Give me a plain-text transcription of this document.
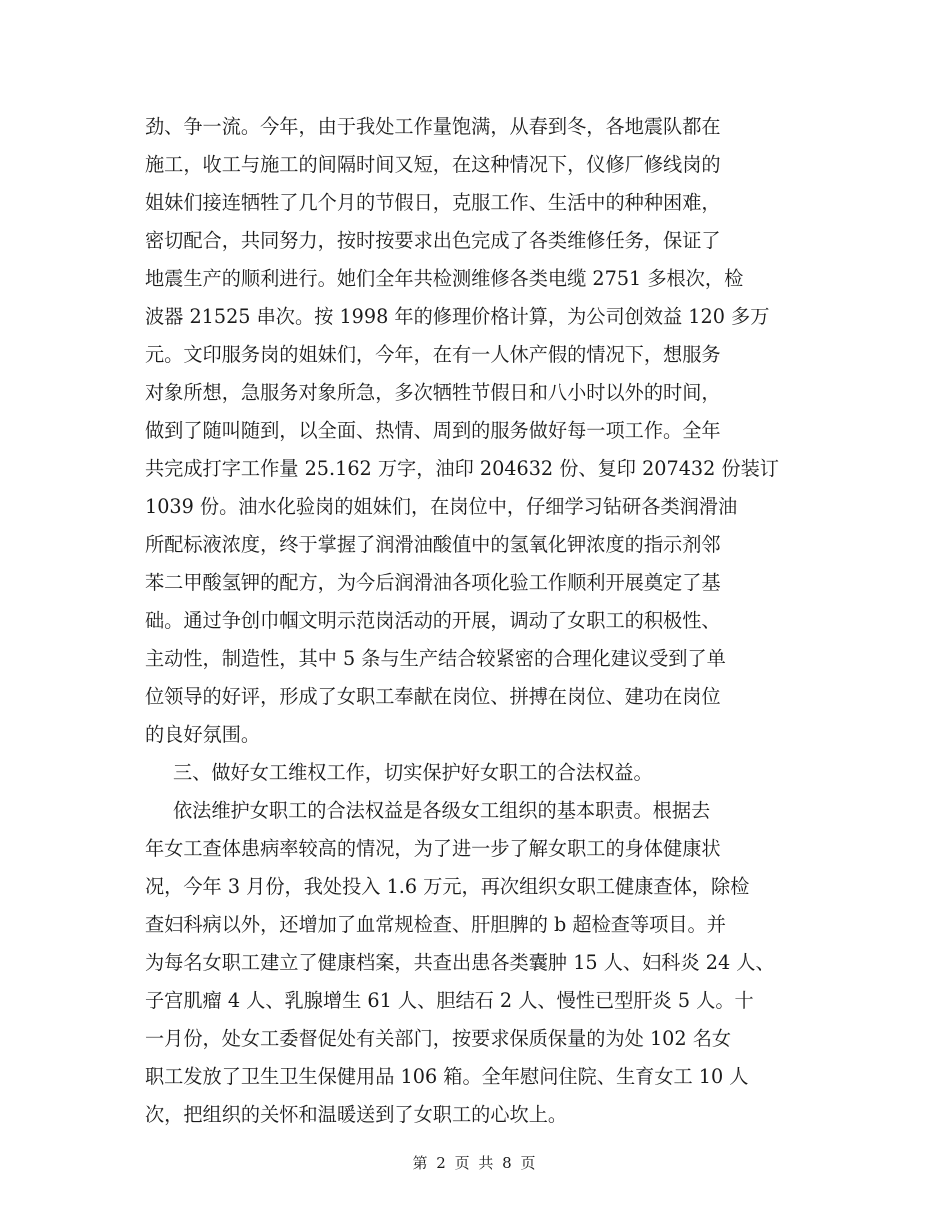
劲、争一流。今年，由于我处工作量饱满，从春到冬，各地震队都在
施工，收工与施工的间隔时间又短，在这种情况下，仪修厂修线岗的
姐妹们接连牺牲了几个月的节假日，克服工作、生活中的种种困难，
密切配合，共同努力，按时按要求出色完成了各类维修任务，保证了
地震生产的顺利进行。她们全年共检测维修各类电缆 2751 多根次，检
波器 21525 串次。按 1998 年的修理价格计算，为公司创效益 120 多万
元。文印服务岗的姐妹们，今年，在有一人休产假的情况下，想服务
对象所想，急服务对象所急，多次牺牲节假日和八小时以外的时间，
做到了随叫随到，以全面、热情、周到的服务做好每一项工作。全年
共完成打字工作量 25.162 万字，油印 204632 份、复印 207432 份装订
1039 份。油水化验岗的姐妹们，在岗位中，仔细学习钻研各类润滑油
所配标液浓度，终于掌握了润滑油酸值中的氢氧化钾浓度的指示剂邻
苯二甲酸氢钾的配方，为今后润滑油各项化验工作顺利开展奠定了基
础。通过争创巾帼文明示范岗活动的开展，调动了女职工的积极性、
主动性，制造性，其中 5 条与生产结合较紧密的合理化建议受到了单
位领导的好评，形成了女职工奉献在岗位、拼搏在岗位、建功在岗位
的良好氛围。
三、做好女工维权工作，切实保护好女职工的合法权益。
依法维护女职工的合法权益是各级女工组织的基本职责。根据去
年女工查体患病率较高的情况，为了进一步了解女职工的身体健康状
况，今年 3 月份，我处投入 1.6 万元，再次组织女职工健康查体，除检
查妇科病以外，还增加了血常规检查、肝胆脾的 b 超检查等项目。并
为每名女职工建立了健康档案，共查出患各类囊肿 15 人、妇科炎 24 人、
子宫肌瘤 4 人、乳腺增生 61 人、胆结石 2 人、慢性已型肝炎 5 人。十
一月份，处女工委督促处有关部门，按要求保质保量的为处 102 名女
职工发放了卫生卫生保健用品 106 箱。全年慰问住院、生育女工 10 人
次，把组织的关怀和温暖送到了女职工的心坎上。
第 2 页 共 8 页
